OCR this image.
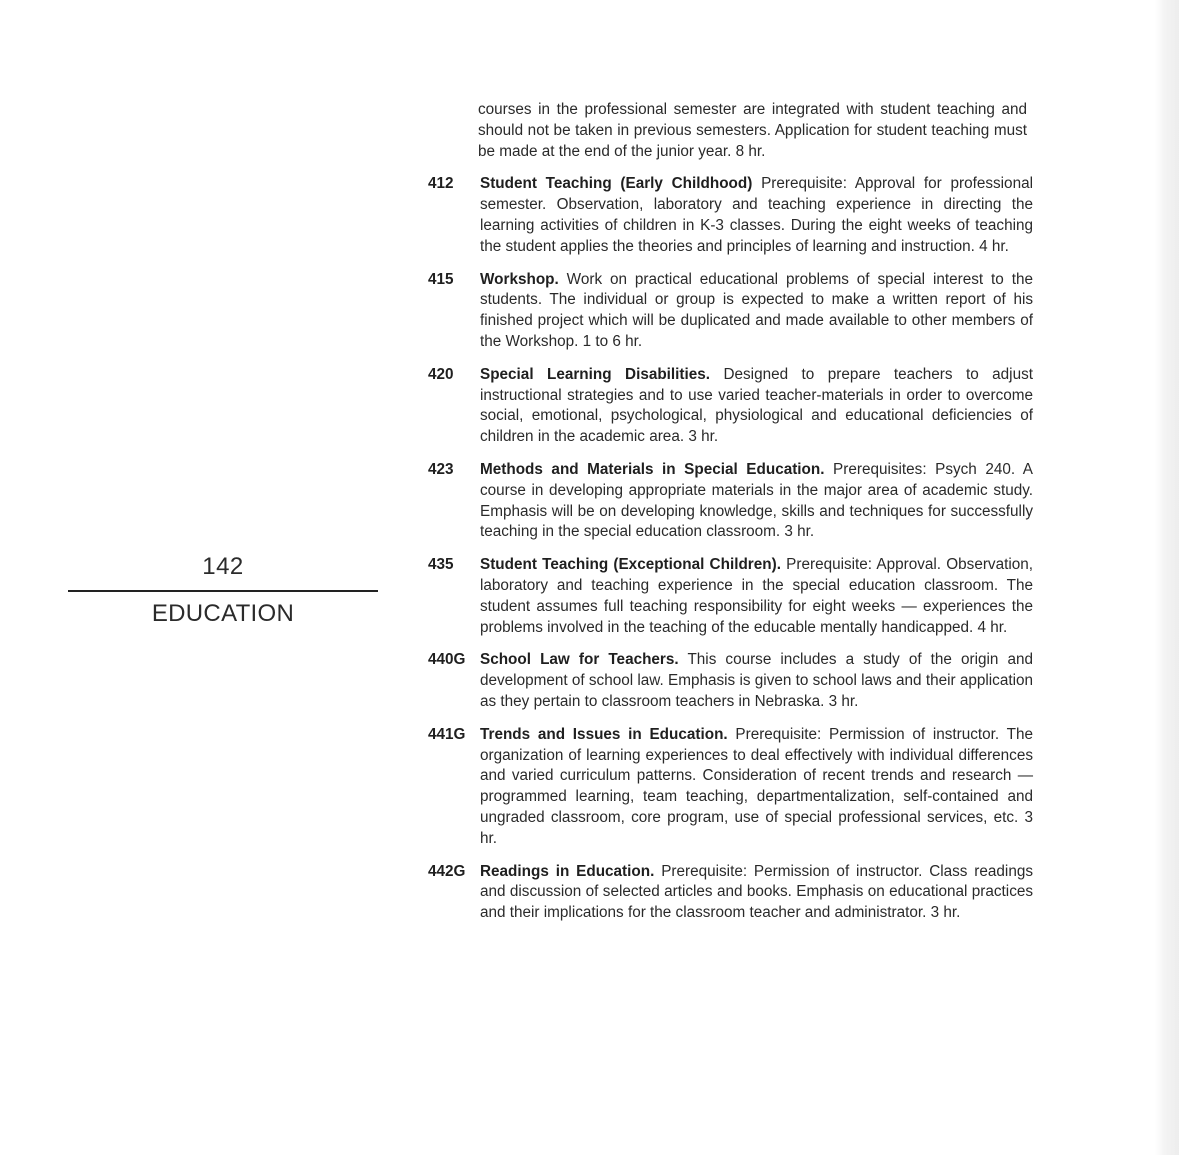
142
EDUCATION
courses in the professional semester are integrated with student teaching and should not be taken in previous semesters. Application for student teaching must be made at the end of the junior year. 8 hr.
412	Student Teaching (Early Childhood) Prerequisite: Approval for professional semester. Observation, laboratory and teaching experience in directing the learning activities of children in K-3 classes. During the eight weeks of teaching the student applies the theories and principles of learning and instruction. 4 hr.
415	Workshop. Work on practical educational problems of special interest to the students. The individual or group is expected to make a written report of his finished project which will be duplicated and made available to other members of the Workshop. 1 to 6 hr.
420	Special Learning Disabilities. Designed to prepare teachers to adjust instructional strategies and to use varied teacher-materials in order to overcome social, emotional, psychological, physiological and educational deficiencies of children in the academic area. 3 hr.
423	Methods and Materials in Special Education. Prerequisites: Psych 240. A course in developing appropriate materials in the major area of academic study. Emphasis will be on developing knowledge, skills and techniques for successfully teaching in the special education classroom. 3 hr.
435	Student Teaching (Exceptional Children). Prerequisite: Approval. Observation, laboratory and teaching experience in the special education classroom. The student assumes full teaching responsibility for eight weeks — experiences the problems involved in the teaching of the educable mentally handicapped. 4 hr.
440G School Law for Teachers. This course includes a study of the origin and development of school law. Emphasis is given to school laws and their application as they pertain to classroom teachers in Nebraska. 3 hr.
441G Trends and Issues in Education. Prerequisite: Permission of instructor. The organization of learning experiences to deal effectively with individual differences and varied curriculum patterns. Consideration of recent trends and research — programmed learning, team teaching, departmentalization, self-contained and ungraded classroom, core program, use of special professional services, etc. 3 hr.
442G Readings in Education. Prerequisite: Permission of instructor. Class readings and discussion of selected articles and books. Emphasis on educational practices and their implications for the classroom teacher and administrator. 3 hr.
